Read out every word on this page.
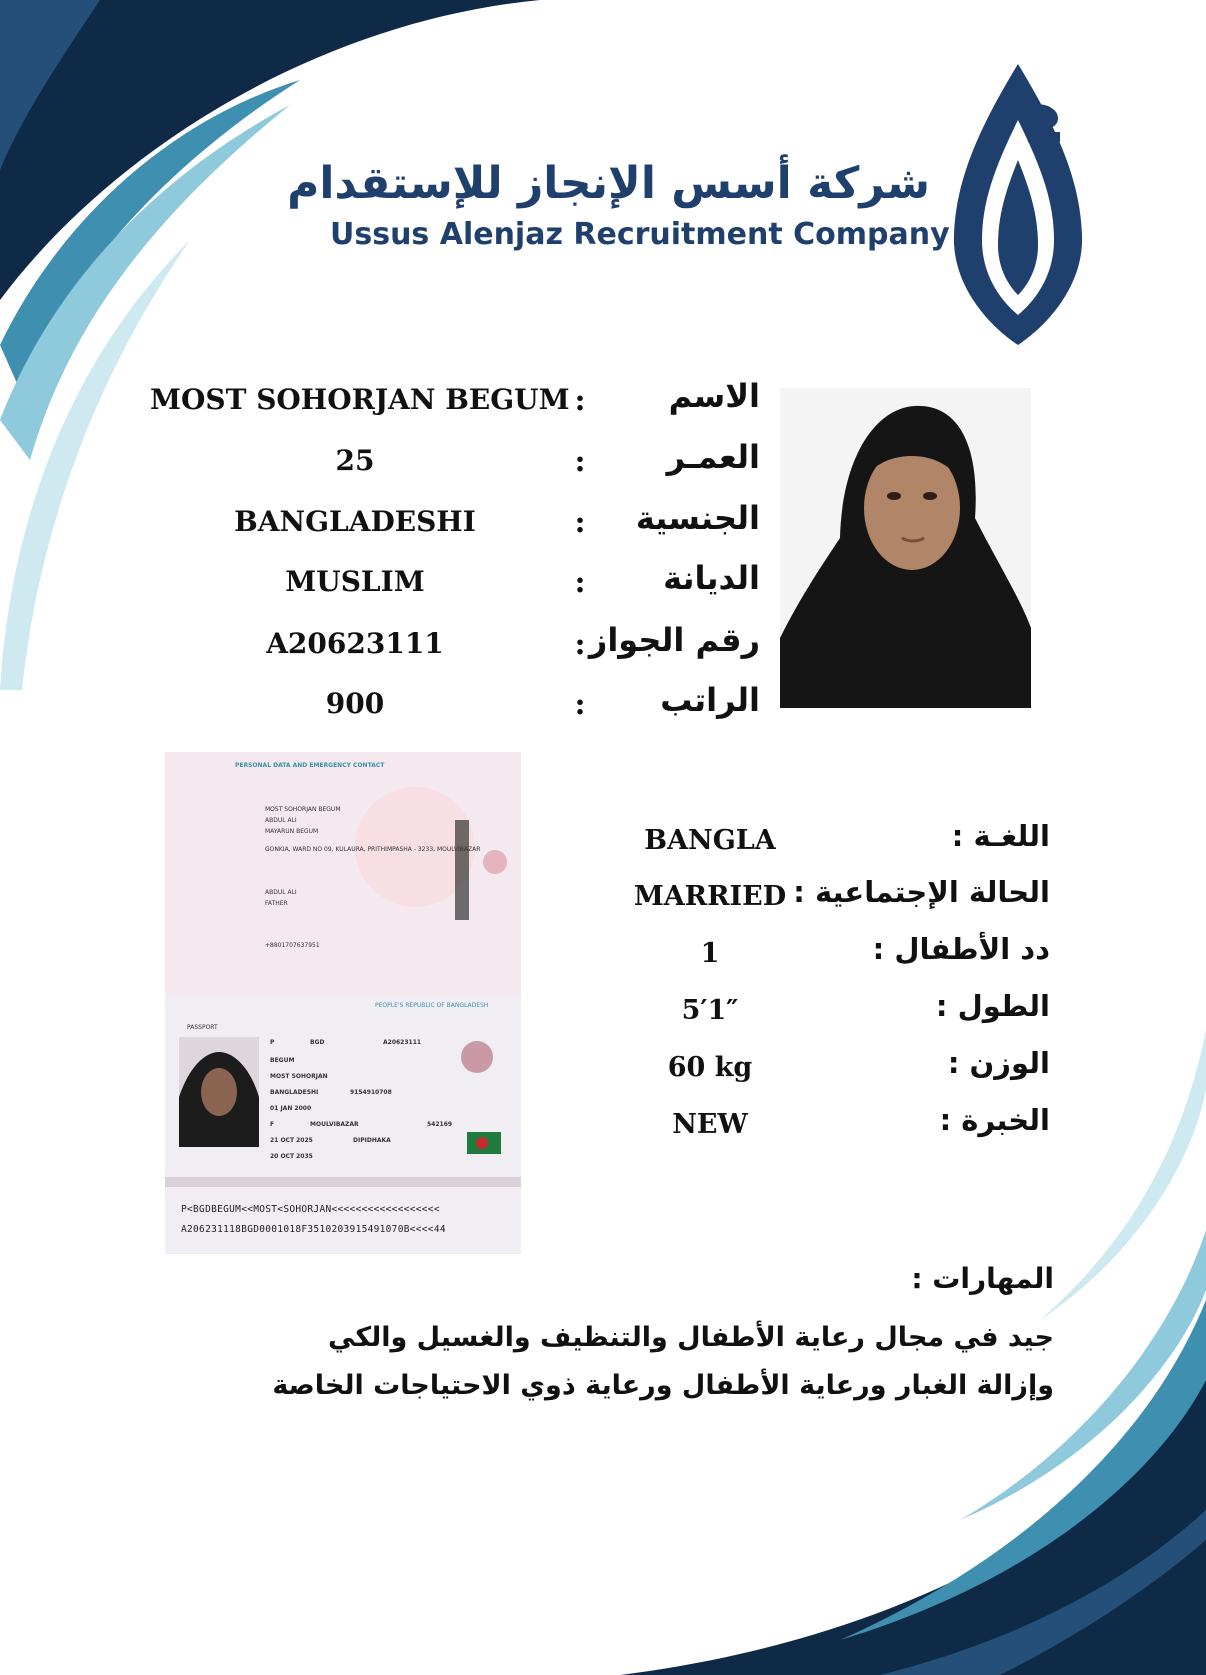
شركة أسس الإنجاز للإستقدام
Ussus Alenjaz Recruitment Company
MOST SOHORJAN BEGUM :	الاسم
25	:	العمـر
BANGLADESHI	:	الجنسية
MUSLIM	:	الديانة
A20623111	: رقم الجواز
900	:	الراتب
PERSONAL DATA AND EMERGENCY CONTACT
MOST SOHORJAN BEGUM
ABDUL ALI
MAYARUN BEGUM
GONKIA, WARD NO 09, KULAURA, PRITHIMPASHA - 3233, MOULVIBAZAR
ABDUL ALI
FATHER
+8801707637951
PEOPLE'S REPUBLIC OF BANGLADESH
PASSPORT
P	BGD	A20623111
BEGUM
MOST SOHORJAN
BANGLADESHI	9154910708
01 JAN 2000
F	MOULVIBAZAR	542169
21 OCT 2025	DIPIDHAKA
20 OCT 2035
P<BGDBEGUM<<MOST<SOHORJAN<<<<<<<<<<<<<<<<<<
A206231118BGD0001018F3510203915491070B<<<<44
BANGLA	اللغـة :
MARRIED الحالة الإجتماعية :
1	دد الأطفال :
5′1″	الطول :
60 kg	الوزن :
NEW	الخبرة :
المهارات :
جيد في مجال رعاية الأطفال والتنظيف والغسيل والكي وإزالة الغبار ورعاية الأطفال ورعاية ذوي الاحتياجات الخاصة
